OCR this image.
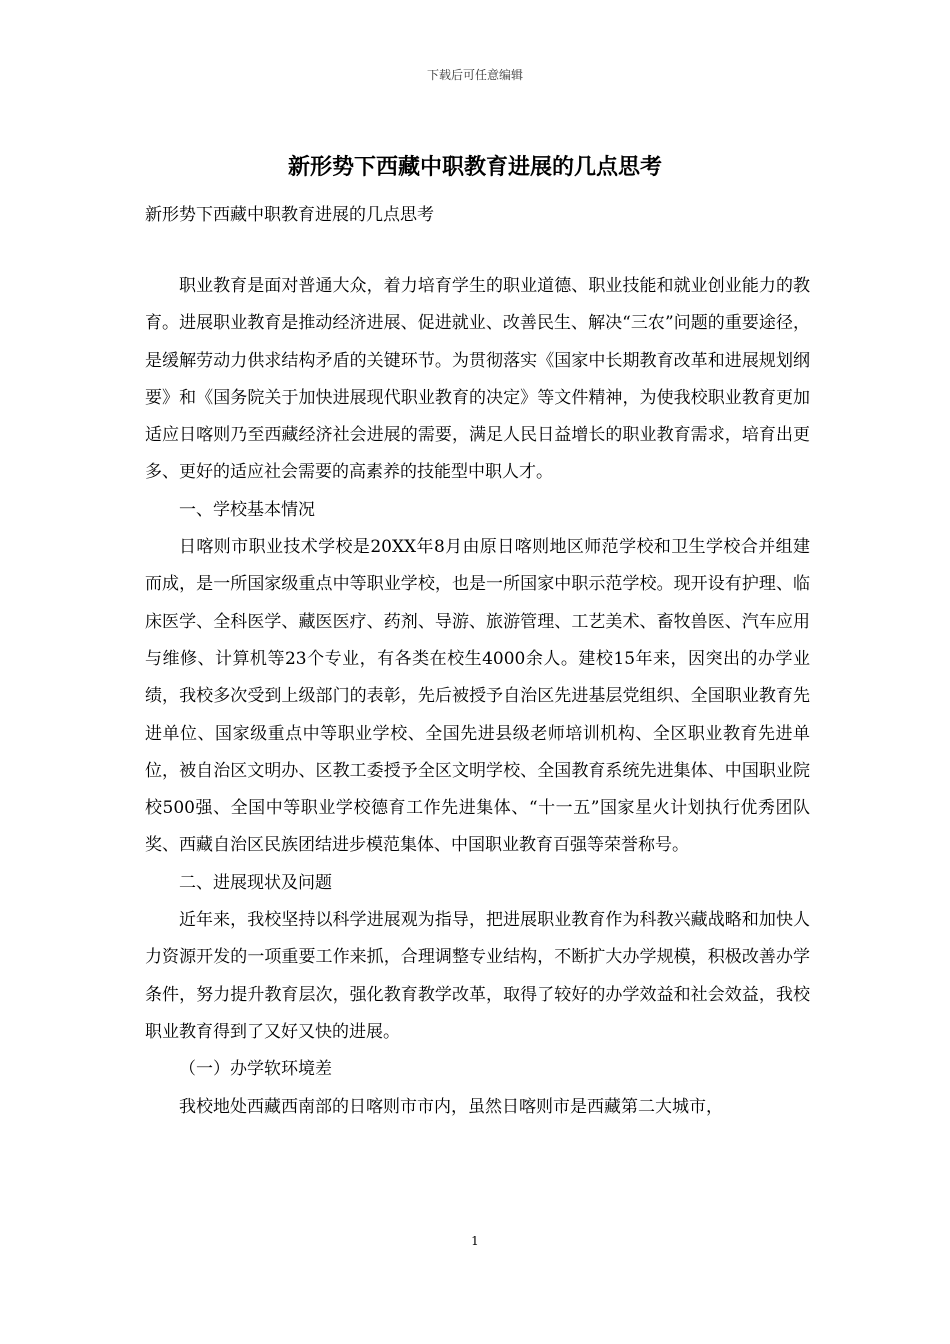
下载后可任意编辑
新形势下西藏中职教育进展的几点思考

新形势下西藏中职教育进展的几点思考

职业教育是面对普通大众，着力培育学生的职业道德、职业技能和就业创业能力的教育。进展职业教育是推动经济进展、促进就业、改善民生、解决“三农”问题的重要途径，是缓解劳动力供求结构矛盾的关键环节。为贯彻落实《国家中长期教育改革和进展规划纲要》和《国务院关于加快进展现代职业教育的决定》等文件精神，为使我校职业教育更加适应日喀则乃至西藏经济社会进展的需要，满足人民日益增长的职业教育需求，培育出更多、更好的适应社会需要的高素养的技能型中职人才。

一、学校基本情况

日喀则市职业技术学校是20XX年8月由原日喀则地区师范学校和卫生学校合并组建而成，是一所国家级重点中等职业学校，也是一所国家中职示范学校。现开设有护理、临床医学、全科医学、藏医医疗、药剂、导游、旅游管理、工艺美术、畜牧兽医、汽车应用与维修、计算机等23个专业，有各类在校生4000余人。建校15年来，因突出的办学业绩，我校多次受到上级部门的表彰，先后被授予自治区先进基层党组织、全国职业教育先进单位、国家级重点中等职业学校、全国先进县级老师培训机构、全区职业教育先进单位，被自治区文明办、区教工委授予全区文明学校、全国教育系统先进集体、中国职业院校500强、全国中等职业学校德育工作先进集体、“十一五”国家星火计划执行优秀团队奖、西藏自治区民族团结进步模范集体、中国职业教育百强等荣誉称号。

二、进展现状及问题

近年来，我校坚持以科学进展观为指导，把进展职业教育作为科教兴藏战略和加快人力资源开发的一项重要工作来抓，合理调整专业结构，不断扩大办学规模，积极改善办学条件，努力提升教育层次，强化教育教学改革，取得了较好的办学效益和社会效益，我校职业教育得到了又好又快的进展。

（一）办学软环境差

我校地处西藏西南部的日喀则市市内，虽然日喀则市是西藏第二大城市，

1
